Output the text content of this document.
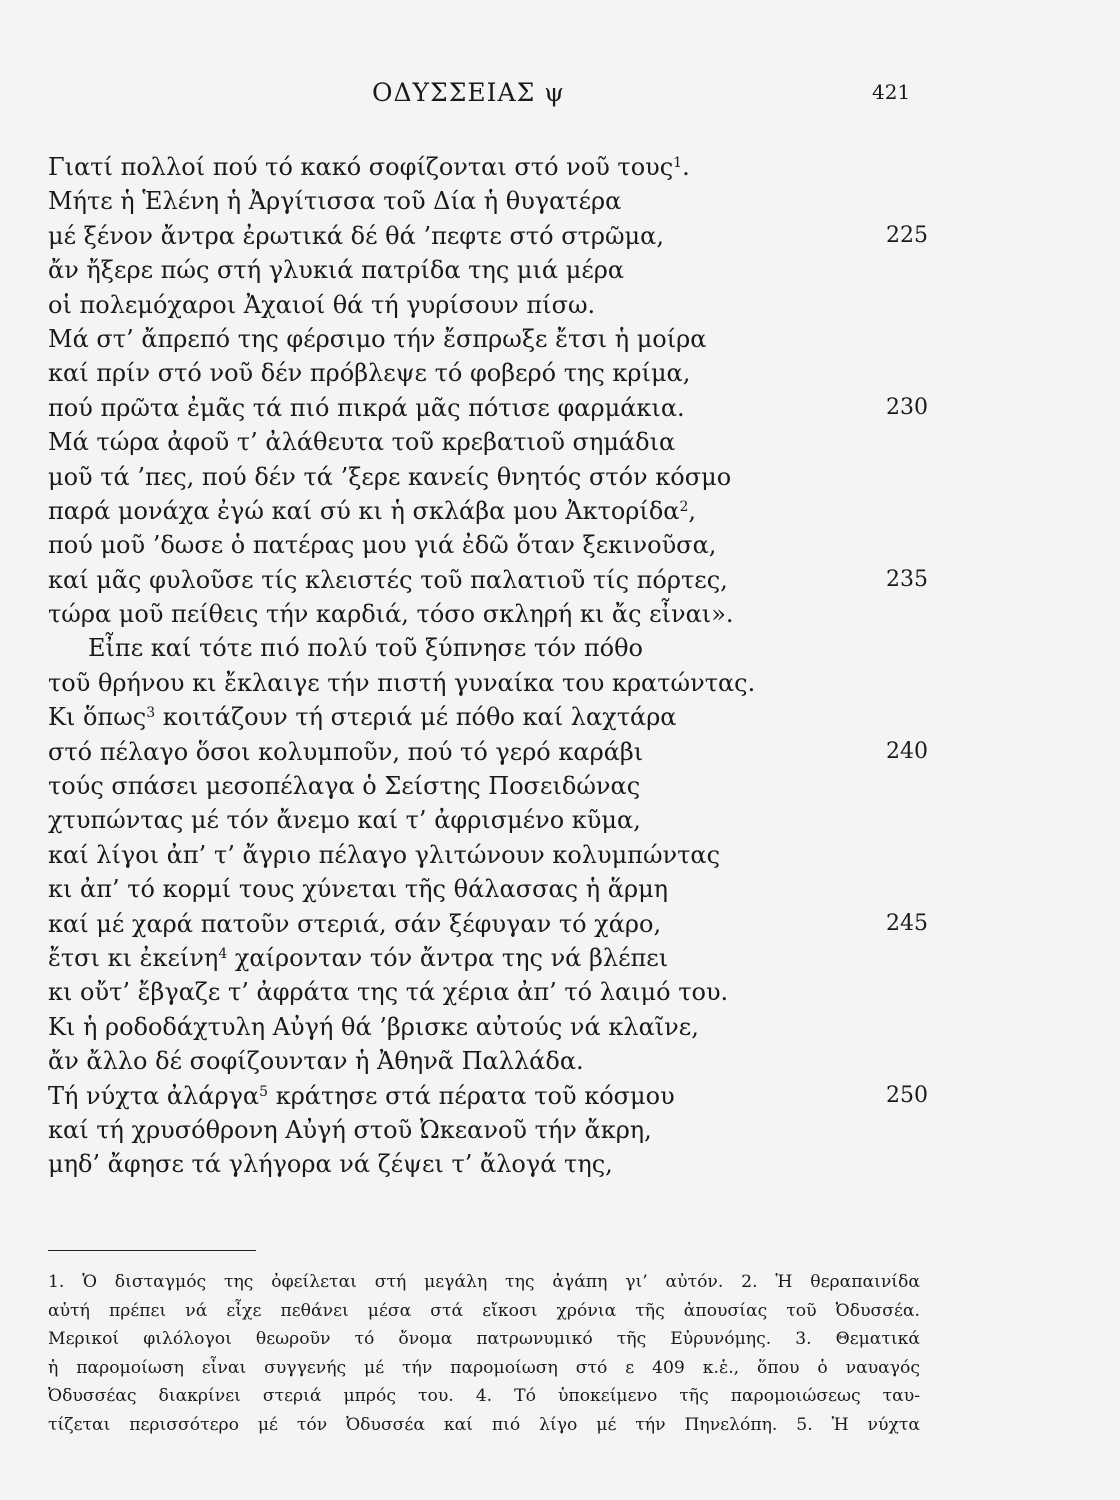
ΟΔΥΣΣΕΙΑΣ ψ	421
Γιατί πολλοί πού τό κακό σοφίζονται στό νοῦ τους$^1$.
Μήτε ἡ Ἑλένη ἡ Ἀργίτισσα τοῦ Δία ἡ θυγατέρα
μέ ξένον ἄντρα ἐρωτικά δέ θά ’πεφτε στό στρῶμα,	225
ἄν ἤξερε πώς στή γλυκιά πατρίδα της μιά μέρα
οἱ πολεμόχαροι Ἀχαιοί θά τή γυρίσουν πίσω.
Μά στ’ ἄπρεπό της φέρσιμο τήν ἔσπρωξε ἔτσι ἡ μοίρα
καί πρίν στό νοῦ δέν πρόβλεψε τό φοβερό της κρίμα,
πού πρῶτα ἐμᾶς τά πιό πικρά μᾶς πότισε φαρμάκια.	230
Μά τώρα ἀφοῦ τ’ ἀλάθευτα τοῦ κρεβατιοῦ σημάδια
μοῦ τά ’πες, πού δέν τά ’ξερε κανείς θνητός στόν κόσμο
παρά μονάχα ἐγώ καί σύ κι ἡ σκλάβα μου Ἀκτορίδα$^2$,
πού μοῦ ’δωσε ὁ πατέρας μου γιά ἐδῶ ὅταν ξεκινοῦσα,
καί μᾶς φυλοῦσε τίς κλειστές τοῦ παλατιοῦ τίς πόρτες,	235
τώρα μοῦ πείθεις τήν καρδιά, τόσο σκληρή κι ἄς εἶναι».
Εἶπε καί τότε πιό πολύ τοῦ ξύπνησε τόν πόθο
τοῦ θρήνου κι ἔκλαιγε τήν πιστή γυναίκα του κρατώντας.
Κι ὅπως$^3$ κοιτάζουν τή στεριά μέ πόθο καί λαχτάρα
στό πέλαγο ὅσοι κολυμποῦν, πού τό γερό καράβι	240
τούς σπάσει μεσοπέλαγα ὁ Σείστης Ποσειδώνας
χτυπώντας μέ τόν ἄνεμο καί τ’ ἀφρισμένο κῦμα,
καί λίγοι ἀπ’ τ’ ἄγριο πέλαγο γλιτώνουν κολυμπώντας
κι ἀπ’ τό κορμί τους χύνεται τῆς θάλασσας ἡ ἅρμη
καί μέ χαρά πατοῦν στεριά, σάν ξέφυγαν τό χάρο,	245
ἔτσι κι ἐκείνη$^4$ χαίρονταν τόν ἄντρα της νά βλέπει
κι οὔτ’ ἔβγαζε τ’ ἀφράτα της τά χέρια ἀπ’ τό λαιμό του.
Κι ἡ ροδοδάχτυλη Αὐγή θά ’βρισκε αὐτούς νά κλαῖνε,
ἄν ἄλλο δέ σοφίζουνταν ἡ Ἀθηνᾶ Παλλάδα.
Τή νύχτα ἀλάργα$^5$ κράτησε στά πέρατα τοῦ κόσμου	250
καί τή χρυσόθρονη Αὐγή στοῦ Ὠκεανοῦ τήν ἄκρη,
μηδ’ ἄφησε τά γλήγορα νά ζέψει τ’ ἄλογά της,
1. Ὁ δισταγμός της ὀφείλεται στή μεγάλη της ἀγάπη γι’ αὐτόν. 2. Ἡ θεραπαινίδα
αὐτή πρέπει νά εἶχε πεθάνει μέσα στά εἴκοσι χρόνια τῆς ἀπουσίας τοῦ Ὀδυσσέα.
Μερικοί φιλόλογοι θεωροῦν τό ὄνομα πατρωνυμικό τῆς Εὐρυνόμης. 3. Θεματικά
ἡ παρομοίωση εἶναι συγγενής μέ τήν παρομοίωση στό ε 409 κ.ἑ., ὅπου ὁ ναυαγός
Ὀδυσσέας διακρίνει στεριά μπρός του. 4. Τό ὑποκείμενο τῆς παρομοιώσεως ταυ-
τίζεται περισσότερο μέ τόν Ὀδυσσέα καί πιό λίγο μέ τήν Πηνελόπη. 5. Ἡ νύχτα
